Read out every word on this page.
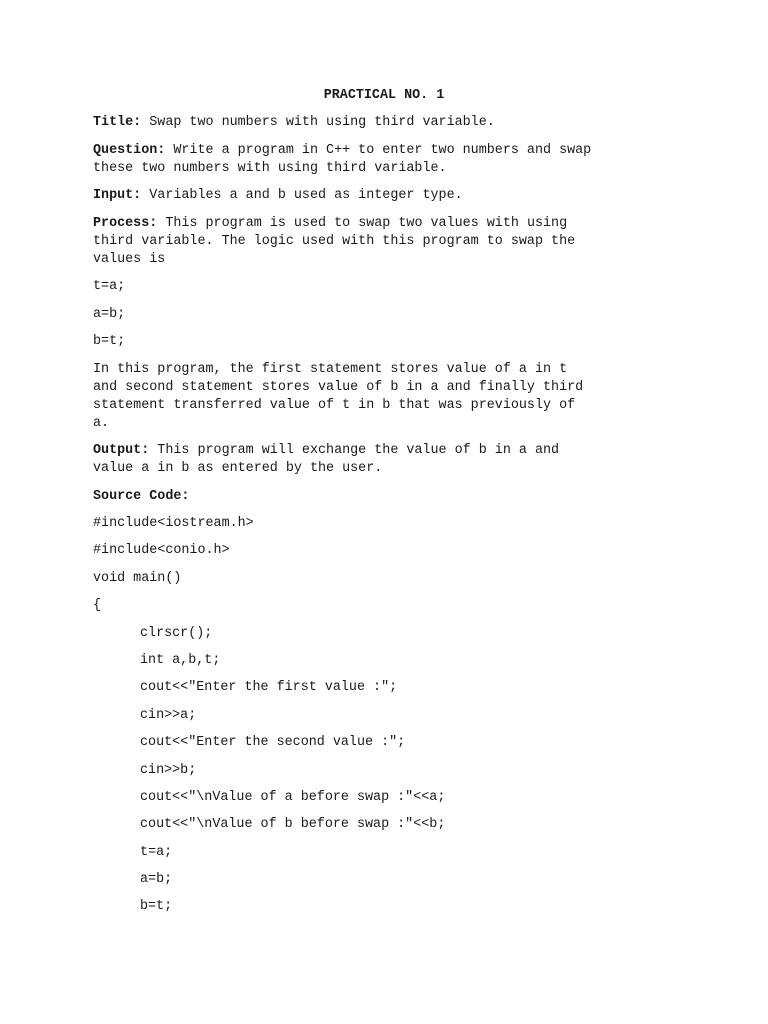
PRACTICAL NO. 1

Title: Swap two numbers with using third variable.

Question: Write a program in C++ to enter two numbers and swap
these two numbers with using third variable.

Input: Variables a and b used as integer type.

Process: This program is used to swap two values with using
third variable. The logic used with this program to swap the
values is

t=a;

a=b;

b=t;

In this program, the first statement stores value of a in t
and second statement stores value of b in a and finally third
statement transferred value of t in b that was previously of
a.

Output: This program will exchange the value of b in a and
value a in b as entered by the user.

Source Code:

#include<iostream.h>
#include<conio.h>
void main()
{
clrscr();
int a,b,t;
cout<<"Enter the first value :";
cin>>a;
cout<<"Enter the second value :";
cin>>b;
cout<<"\nValue of a before swap :"<<a;
cout<<"\nValue of b before swap :"<<b;
t=a;
a=b;
b=t;
